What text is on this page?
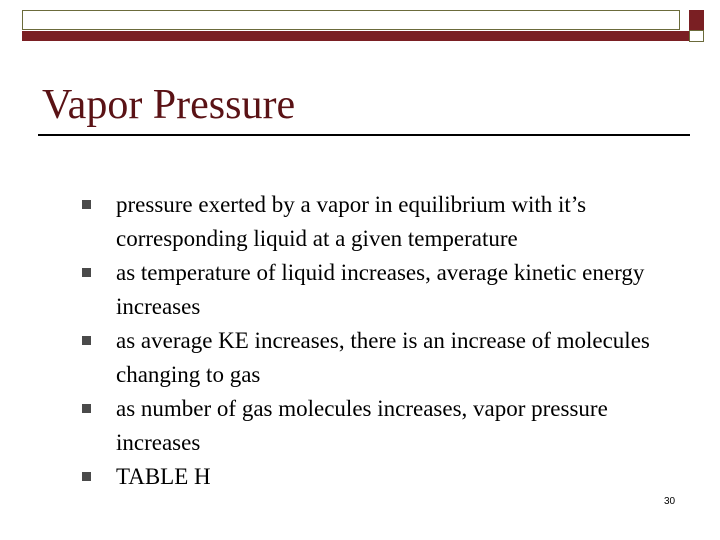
Vapor Pressure
pressure exerted by a vapor in equilibrium with it’s corresponding liquid at a given temperature
as temperature of liquid increases, average kinetic energy increases
as average KE increases, there is an increase of molecules changing to gas
as number of gas molecules increases, vapor pressure increases
TABLE H
30
